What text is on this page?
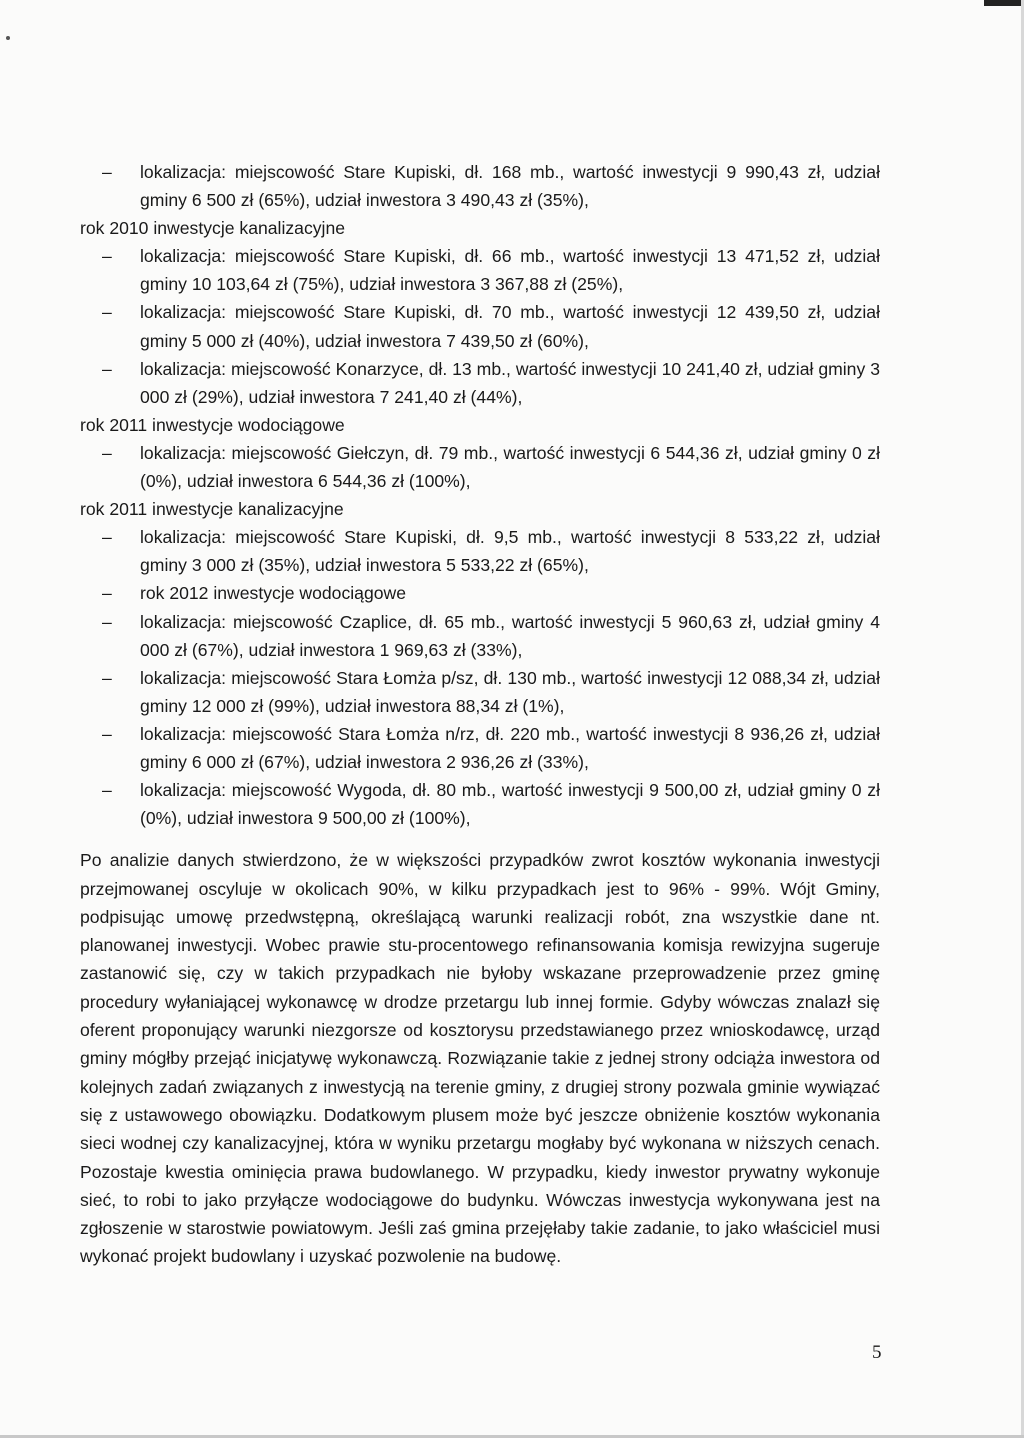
– lokalizacja: miejscowość Stare Kupiski, dł. 168 mb., wartość inwestycji 9 990,43 zł, udział gminy 6 500 zł (65%), udział inwestora 3 490,43 zł (35%),
rok 2010 inwestycje kanalizacyjne
– lokalizacja: miejscowość Stare Kupiski, dł. 66 mb., wartość inwestycji 13 471,52 zł, udział gminy 10 103,64 zł (75%), udział inwestora 3 367,88 zł (25%),
– lokalizacja: miejscowość Stare Kupiski, dł. 70 mb., wartość inwestycji 12 439,50 zł, udział gminy 5 000 zł (40%), udział inwestora 7 439,50 zł (60%),
– lokalizacja: miejscowość Konarzyce, dł. 13 mb., wartość inwestycji 10 241,40 zł, udział gminy 3 000 zł (29%), udział inwestora 7 241,40 zł (44%),
rok 2011 inwestycje wodociągowe
– lokalizacja: miejscowość Giełczyn, dł. 79 mb., wartość inwestycji 6 544,36 zł, udział gminy 0 zł (0%), udział inwestora 6 544,36 zł (100%),
rok 2011 inwestycje kanalizacyjne
– lokalizacja: miejscowość Stare Kupiski, dł. 9,5 mb., wartość inwestycji 8 533,22 zł, udział gminy 3 000 zł (35%), udział inwestora 5 533,22 zł (65%),
– rok 2012 inwestycje wodociągowe
– lokalizacja: miejscowość Czaplice, dł. 65 mb., wartość inwestycji 5 960,63 zł, udział gminy 4 000 zł (67%), udział inwestora 1 969,63 zł (33%),
– lokalizacja: miejscowość Stara Łomża p/sz, dł. 130 mb., wartość inwestycji 12 088,34 zł, udział gminy 12 000 zł (99%), udział inwestora 88,34 zł (1%),
– lokalizacja: miejscowość Stara Łomża n/rz, dł. 220 mb., wartość inwestycji 8 936,26 zł, udział gminy 6 000 zł (67%), udział inwestora 2 936,26 zł (33%),
– lokalizacja: miejscowość Wygoda, dł. 80 mb., wartość inwestycji 9 500,00 zł, udział gminy 0 zł (0%), udział inwestora 9 500,00 zł (100%),
Po analizie danych stwierdzono, że w większości przypadków zwrot kosztów wykonania inwestycji przejmowanej oscyluje w okolicach 90%, w kilku przypadkach jest to 96% - 99%. Wójt Gminy, podpisując umowę przedwstępną, określającą warunki realizacji robót, zna wszystkie dane nt. planowanej inwestycji. Wobec prawie stu-procentowego refinansowania komisja rewizyjna sugeruje zastanowić się, czy w takich przypadkach nie byłoby wskazane przeprowadzenie przez gminę procedury wyłaniającej wykonawcę w drodze przetargu lub innej formie. Gdyby wówczas znalazł się oferent proponujący warunki niezgorsze od kosztorysu przedstawianego przez wnioskodawcę, urząd gminy mógłby przejąć inicjatywę wykonawczą. Rozwiązanie takie z jednej strony odciąża inwestora od kolejnych zadań związanych z inwestycją na terenie gminy, z drugiej strony pozwala gminie wywiązać się z ustawowego obowiązku. Dodatkowym plusem może być jeszcze obniżenie kosztów wykonania sieci wodnej czy kanalizacyjnej, która w wyniku przetargu mogłaby być wykonana w niższych cenach. Pozostaje kwestia ominięcia prawa budowlanego. W przypadku, kiedy inwestor prywatny wykonuje sieć, to robi to jako przyłącze wodociągowe do budynku. Wówczas inwestycja wykonywana jest na zgłoszenie w starostwie powiatowym. Jeśli zaś gmina przejęłaby takie zadanie, to jako właściciel musi wykonać projekt budowlany i uzyskać pozwolenie na budowę.
5
